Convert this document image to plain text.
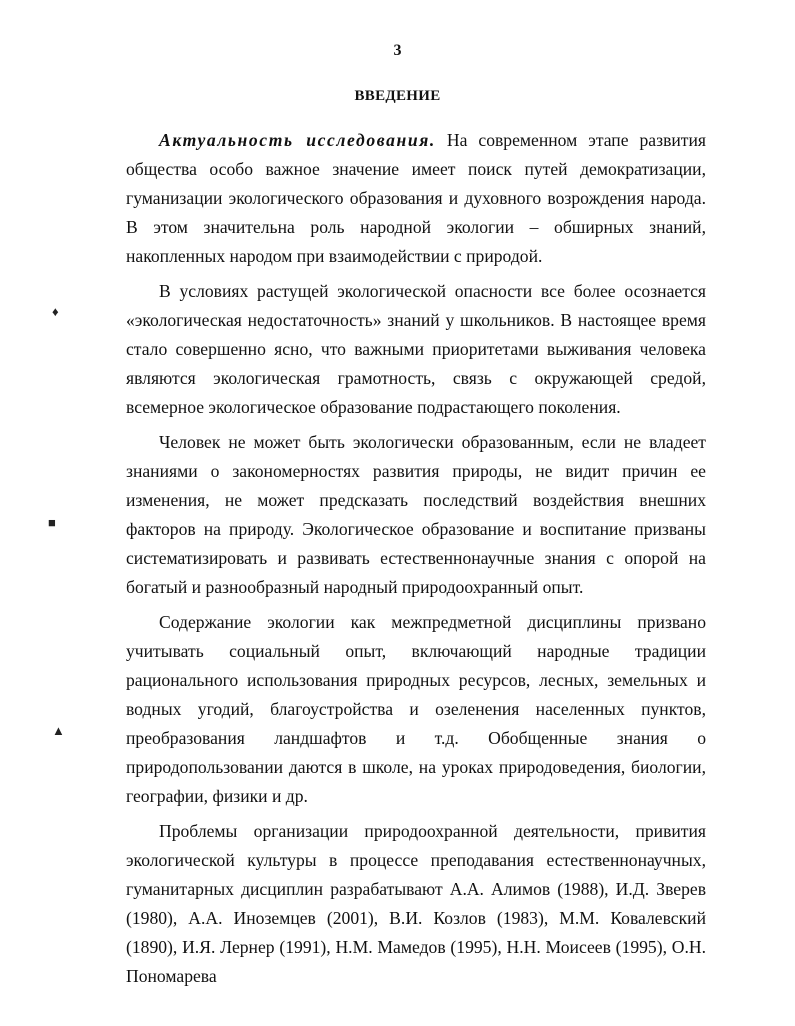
3
ВВЕДЕНИЕ
♦
■
▲

Актуальность исследования. На современном этапе развития общества особо важное значение имеет поиск путей демократизации, гуманизации экологического образования и духовного возрождения народа. В этом значительна роль народной экологии – обширных знаний, накопленных народом при взаимодействии с природой.

В условиях растущей экологической опасности все более осознается «экологическая недостаточность» знаний у школьников. В настоящее время стало совершенно ясно, что важными приоритетами выживания человека являются экологическая грамотность, связь с окружающей средой, всемерное экологическое образование подрастающего поколения.

Человек не может быть экологически образованным, если не владеет знаниями о закономерностях развития природы, не видит причин ее изменения, не может предсказать последствий воздействия внешних факторов на природу. Экологическое образование и воспитание призваны систематизировать и развивать естественнонаучные знания с опорой на богатый и разнообразный народный природоохранный опыт.

Содержание экологии как межпредметной дисциплины призвано учитывать социальный опыт, включающий народные традиции рационального использования природных ресурсов, лесных, земельных и водных угодий, благоустройства и озеленения населенных пунктов, преобразования ландшафтов и т.д. Обобщенные знания о природопользовании даются в школе, на уроках природоведения, биологии, географии, физики и др.

Проблемы организации природоохранной деятельности, привития экологической культуры в процессе преподавания естественнонаучных, гуманитарных дисциплин разрабатывают А.А. Алимов (1988), И.Д. Зверев (1980), А.А. Иноземцев (2001), В.И. Козлов (1983), М.М. Ковалевский (1890), И.Я. Лернер (1991), Н.М. Мамедов (1995), Н.Н. Моисеев (1995), О.Н. Пономарева
